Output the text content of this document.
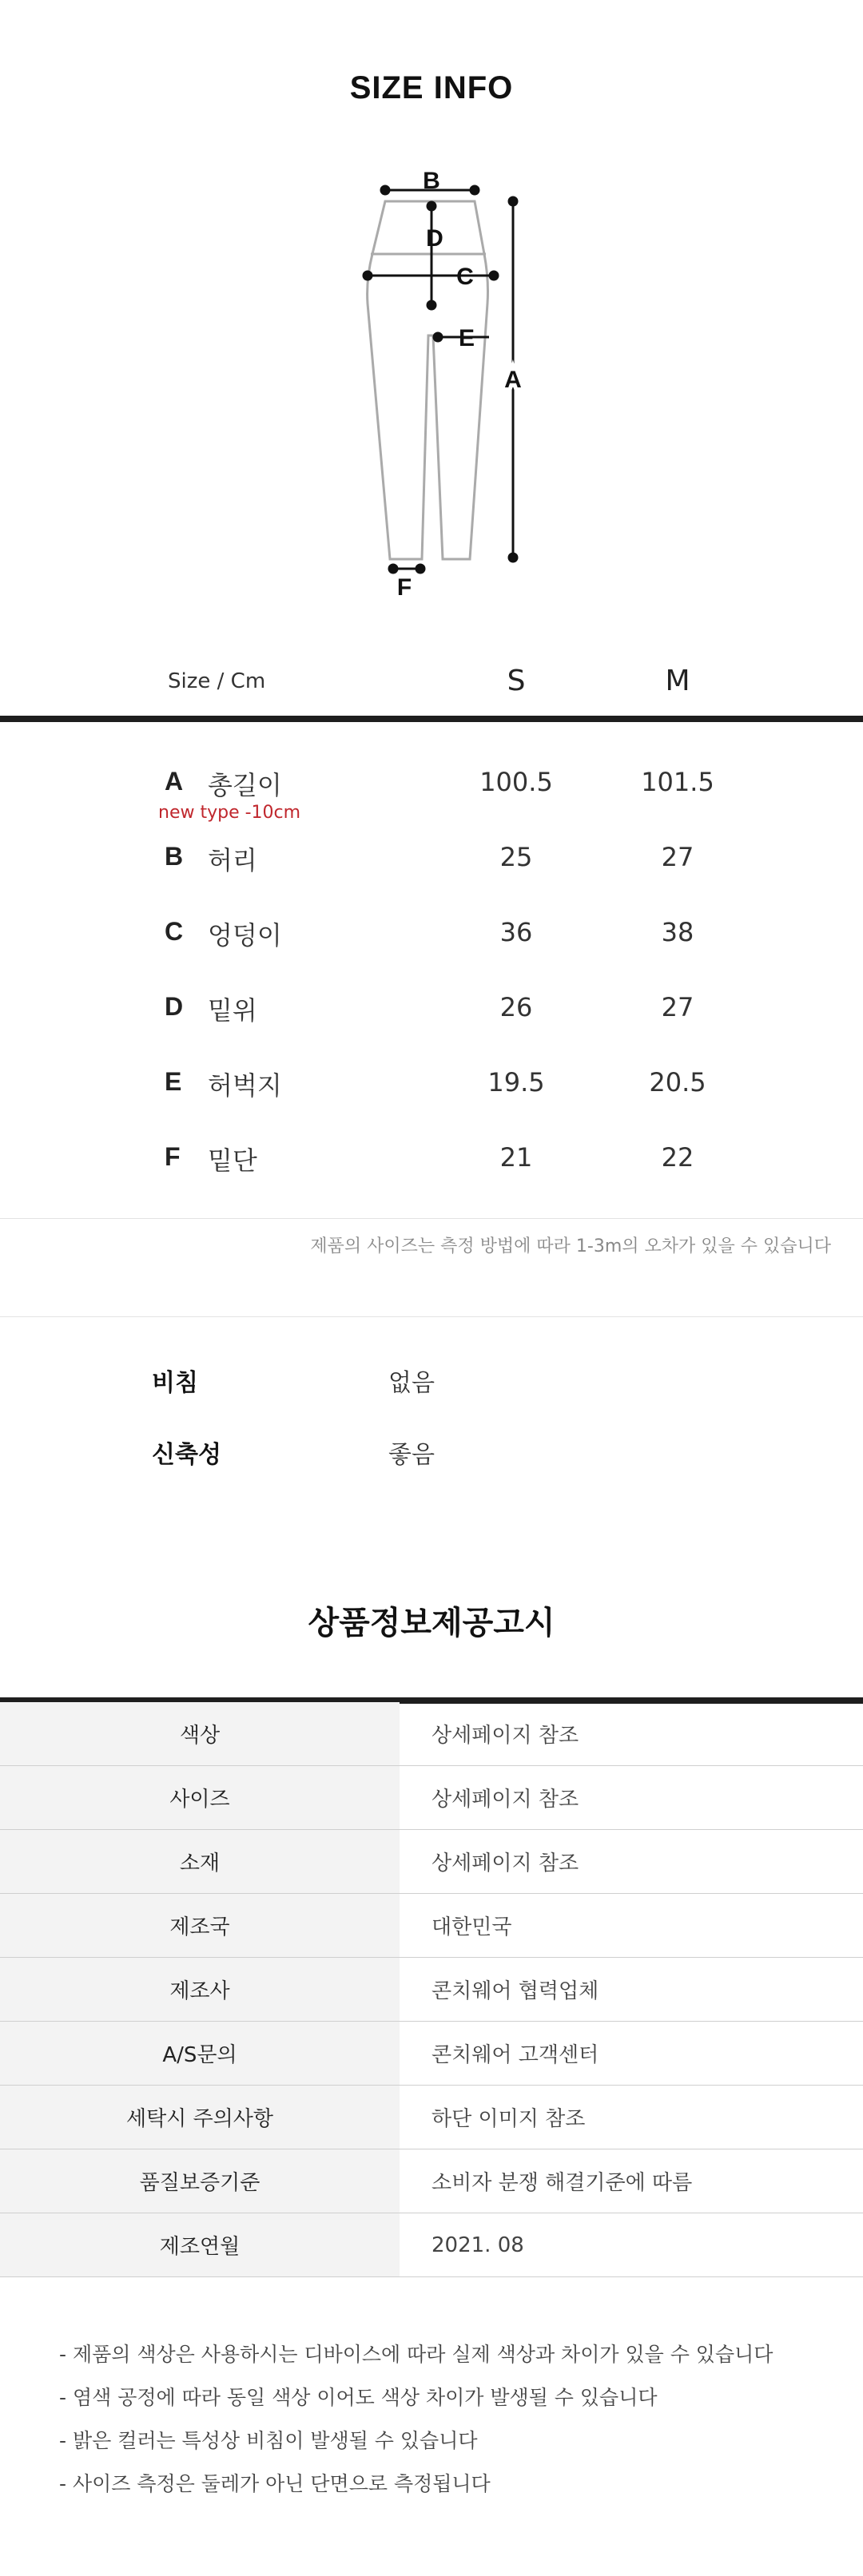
SIZE INFO
B
D
C
E
A
F
Size / Cm	S	M
A 총길이	100.5	101.5
new type -10cm
B 허리	25	27
C 엉덩이	36	38
D 밑위	26	27
E 허벅지	19.5	20.5
F 밑단	21	22
제품의 사이즈는 측정 방법에 따라 1-3m의 오차가 있을 수 있습니다
비침	없음
신축성	좋음
상품정보제공고시
색상	상세페이지 참조
사이즈	상세페이지 참조
소재	상세페이지 참조
제조국	대한민국
제조사	콘치웨어 협력업체
A/S문의	콘치웨어 고객센터
세탁시 주의사항	하단 이미지 참조
품질보증기준	소비자 분쟁 해결기준에 따름
제조연월	2021. 08
- 제품의 색상은 사용하시는 디바이스에 따라 실제 색상과 차이가 있을 수 있습니다
- 염색 공정에 따라 동일 색상 이어도 색상 차이가 발생될 수 있습니다
- 밝은 컬러는 특성상 비침이 발생될 수 있습니다
- 사이즈 측정은 둘레가 아닌 단면으로 측정됩니다
